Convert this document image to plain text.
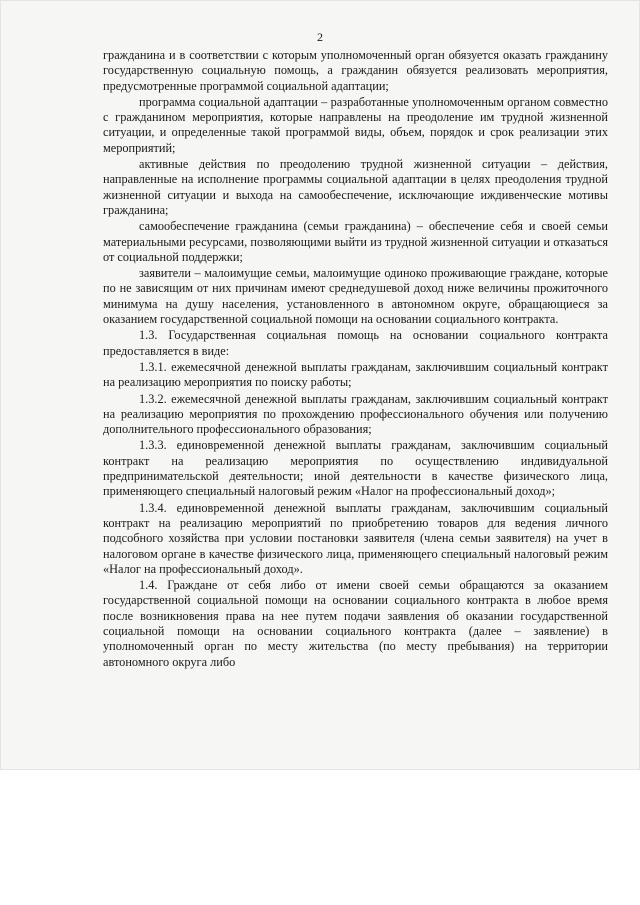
2

гражданина и в соответствии с которым уполномоченный орган обязуется оказать гражданину государственную социальную помощь, а гражданин обязуется реализовать мероприятия, предусмотренные программой социальной адаптации;

программа социальной адаптации – разработанные уполномоченным органом совместно с гражданином мероприятия, которые направлены на преодоление им трудной жизненной ситуации, и определенные такой программой виды, объем, порядок и срок реализации этих мероприятий;

активные действия по преодолению трудной жизненной ситуации – действия, направленные на исполнение программы социальной адаптации в целях преодоления трудной жизненной ситуации и выхода на самообеспечение, исключающие иждивенческие мотивы гражданина;

самообеспечение гражданина (семьи гражданина) – обеспечение себя и своей семьи материальными ресурсами, позволяющими выйти из трудной жизненной ситуации и отказаться от социальной поддержки;

заявители – малоимущие семьи, малоимущие одиноко проживающие граждане, которые по не зависящим от них причинам имеют среднедушевой доход ниже величины прожиточного минимума на душу населения, установленного в автономном округе, обращающиеся за оказанием государственной социальной помощи на основании социального контракта.

1.3. Государственная социальная помощь на основании социального контракта предоставляется в виде:

1.3.1. ежемесячной денежной выплаты гражданам, заключившим социальный контракт на реализацию мероприятия по поиску работы;

1.3.2. ежемесячной денежной выплаты гражданам, заключившим социальный контракт на реализацию мероприятия по прохождению профессионального обучения или получению дополнительного профессионального образования;

1.3.3. единовременной денежной выплаты гражданам, заключившим социальный контракт на реализацию мероприятия по осуществлению индивидуальной предпринимательской деятельности; иной деятельности в качестве физического лица, применяющего специальный налоговый режим «Налог на профессиональный доход»;

1.3.4. единовременной денежной выплаты гражданам, заключившим социальный контракт на реализацию мероприятий по приобретению товаров для ведения личного подсобного хозяйства при условии постановки заявителя (члена семьи заявителя) на учет в налоговом органе в качестве физического лица, применяющего специальный налоговый режим «Налог на профессиональный доход».

1.4. Граждане от себя либо от имени своей семьи обращаются за оказанием государственной социальной помощи на основании социального контракта в любое время после возникновения права на нее путем подачи заявления об оказании государственной социальной помощи на основании социального контракта (далее – заявление) в уполномоченный орган по месту жительства (по месту пребывания) на территории автономного округа либо
